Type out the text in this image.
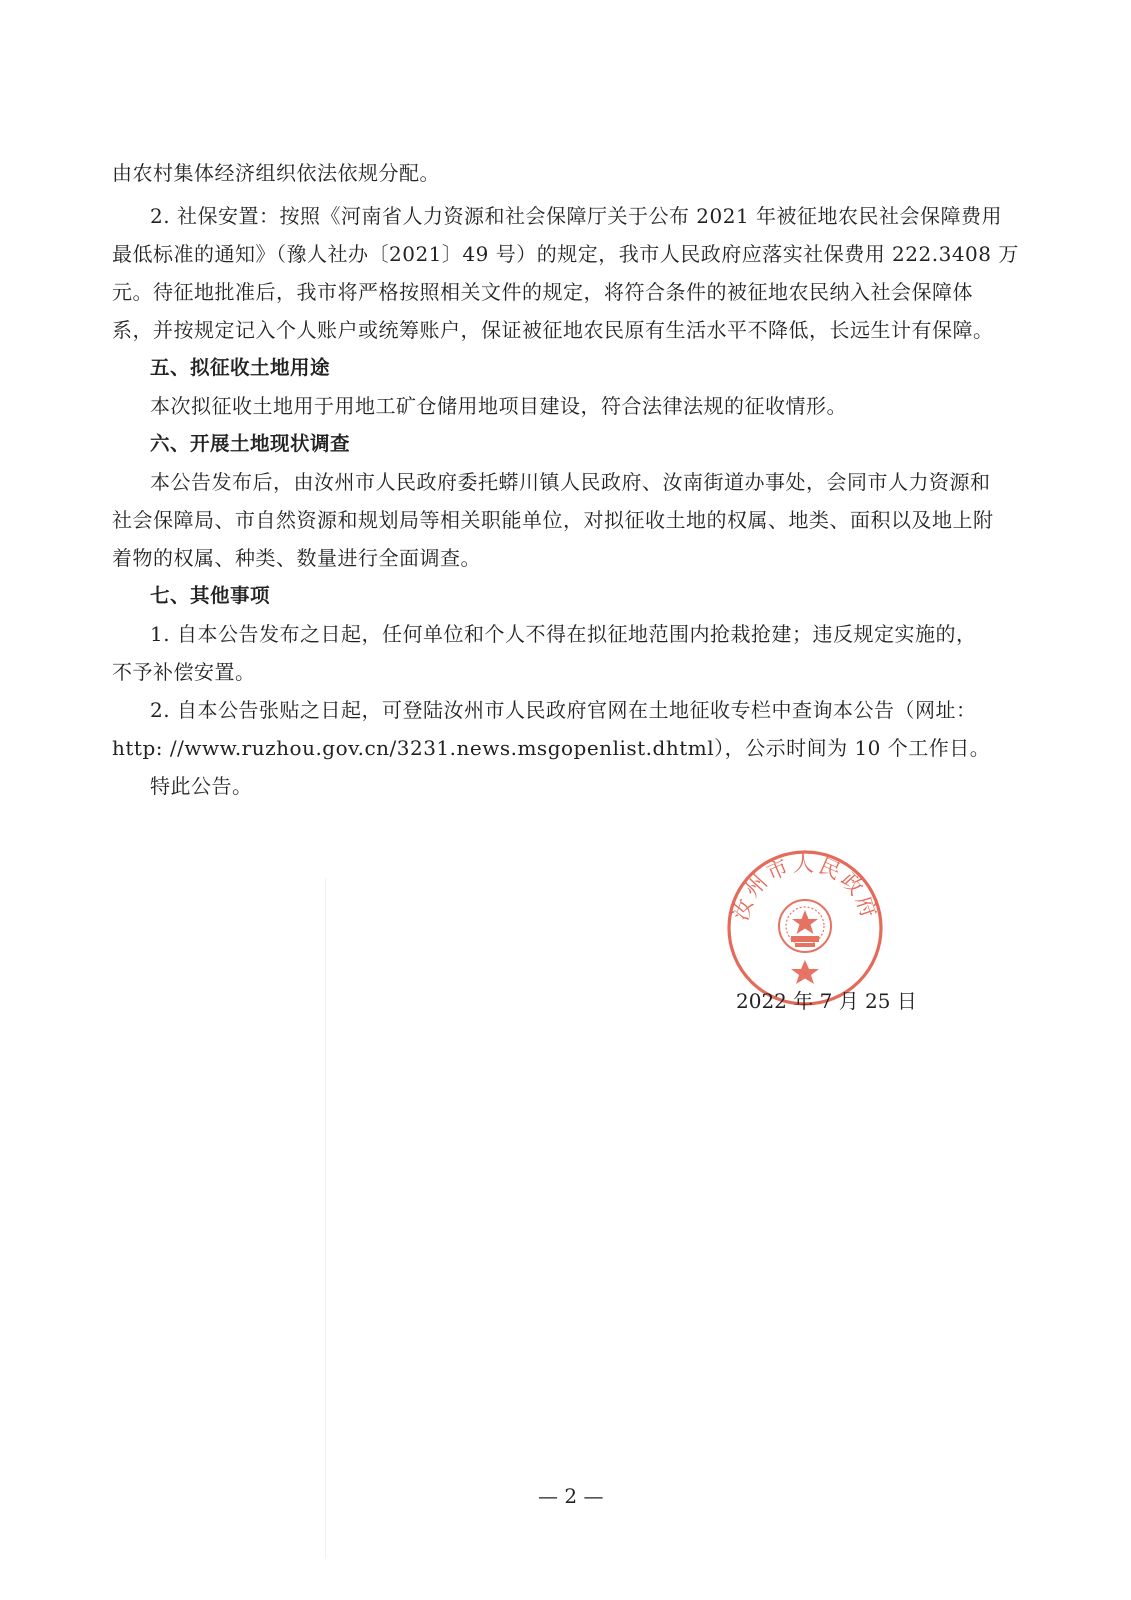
由农村集体经济组织依法依规分配。
2. 社保安置：按照《河南省人力资源和社会保障厅关于公布 2021 年被征地农民社会保障费用
最低标准的通知》（豫人社办〔2021〕49 号）的规定，我市人民政府应落实社保费用 222.3408 万
元。待征地批准后，我市将严格按照相关文件的规定，将符合条件的被征地农民纳入社会保障体
系，并按规定记入个人账户或统筹账户，保证被征地农民原有生活水平不降低，长远生计有保障。
五、拟征收土地用途
本次拟征收土地用于用地工矿仓储用地项目建设，符合法律法规的征收情形。
六、开展土地现状调查
本公告发布后，由汝州市人民政府委托蟒川镇人民政府、汝南街道办事处，会同市人力资源和
社会保障局、市自然资源和规划局等相关职能单位，对拟征收土地的权属、地类、面积以及地上附
着物的权属、种类、数量进行全面调查。
七、其他事项
1. 自本公告发布之日起，任何单位和个人不得在拟征地范围内抢栽抢建；违反规定实施的，
不予补偿安置。
2. 自本公告张贴之日起，可登陆汝州市人民政府官网在土地征收专栏中查询本公告（网址：
http: //www.ruzhou.gov.cn/3231.news.msgopenlist.dhtml），公示时间为 10 个工作日。
特此公告。
汝州市人民政府
2022 年 7 月 25 日
— 2 —
